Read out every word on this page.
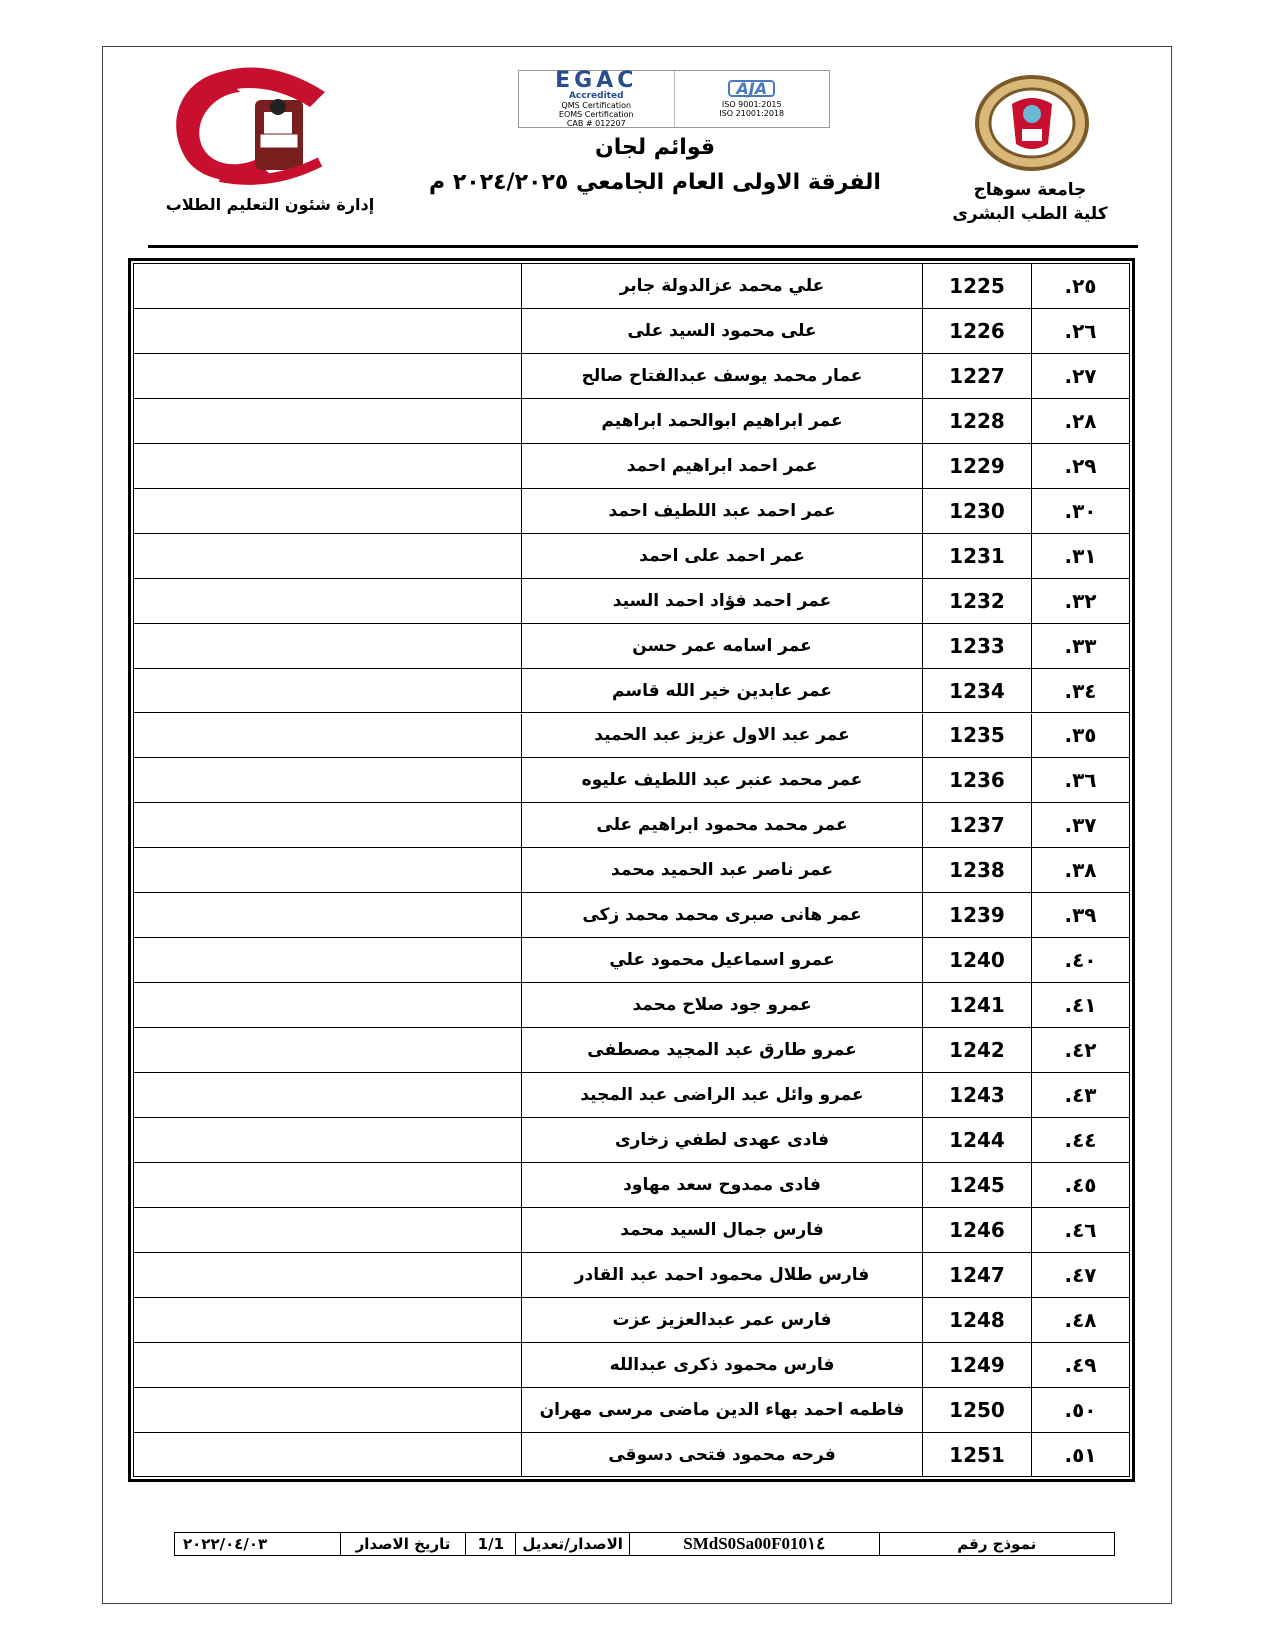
إدارة شئون التعليم الطلاب
EGAC
Accredited
QMS Certification
EOMS Certification
CAB # 012207
AJA
ISO 9001:2015
ISO 21001:2018
قوائم لجان
الفرقة الاولى العام الجامعي ٢٠٢٤/٢٠٢٥ م	جامعة سوهاج
كلية الطب البشرى
علي محمد عزالدولة جابر	1225	٢٥.
على محمود السيد على	1226	٢٦.
عمار محمد يوسف عبدالفتاح صالح	1227	٢٧.
عمر ابراهيم ابوالحمد ابراهيم	1228	٢٨.
عمر احمد ابراهيم احمد	1229	٢٩.
عمر احمد عبد اللطيف احمد	1230	٣٠.
عمر احمد على احمد	1231	٣١.
عمر احمد فؤاد احمد السيد	1232	٣٢.
عمر اسامه عمر حسن	1233	٣٣.
عمر عابدين خير الله قاسم	1234	٣٤.
عمر عبد الاول عزيز عبد الحميد	1235	٣٥.
عمر محمد عنبر عبد اللطيف عليوه	1236	٣٦.
عمر محمد محمود ابراهيم على	1237	٣٧.
عمر ناصر عبد الحميد محمد	1238	٣٨.
عمر هانى صبرى محمد محمد زكى	1239	٣٩.
عمرو اسماعيل محمود علي	1240	٤٠.
عمرو جود صلاح محمد	1241	٤١.
عمرو طارق عبد المجيد مصطفى	1242	٤٢.
عمرو وائل عبد الراضى عبد المجيد	1243	٤٣.
فادى عهدى لطفي زخارى	1244	٤٤.
فادى ممدوح سعد مهاود	1245	٤٥.
فارس جمال السيد محمد	1246	٤٦.
فارس طلال محمود احمد عبد القادر	1247	٤٧.
فارس عمر عبدالعزيز عزت	1248	٤٨.
فارس محمود ذكرى عبدالله	1249	٤٩.
فاطمه احمد بهاء الدين ماضى مرسى مهران	1250	٥٠.
فرحه محمود فتحى دسوقى	1251	٥١.
نموذج رقم
SMdS0Sa00F010١٤
الاصدار/تعديل
1/1
تاريخ الاصدار
٢٠٢٢/٠٤/٠٣
